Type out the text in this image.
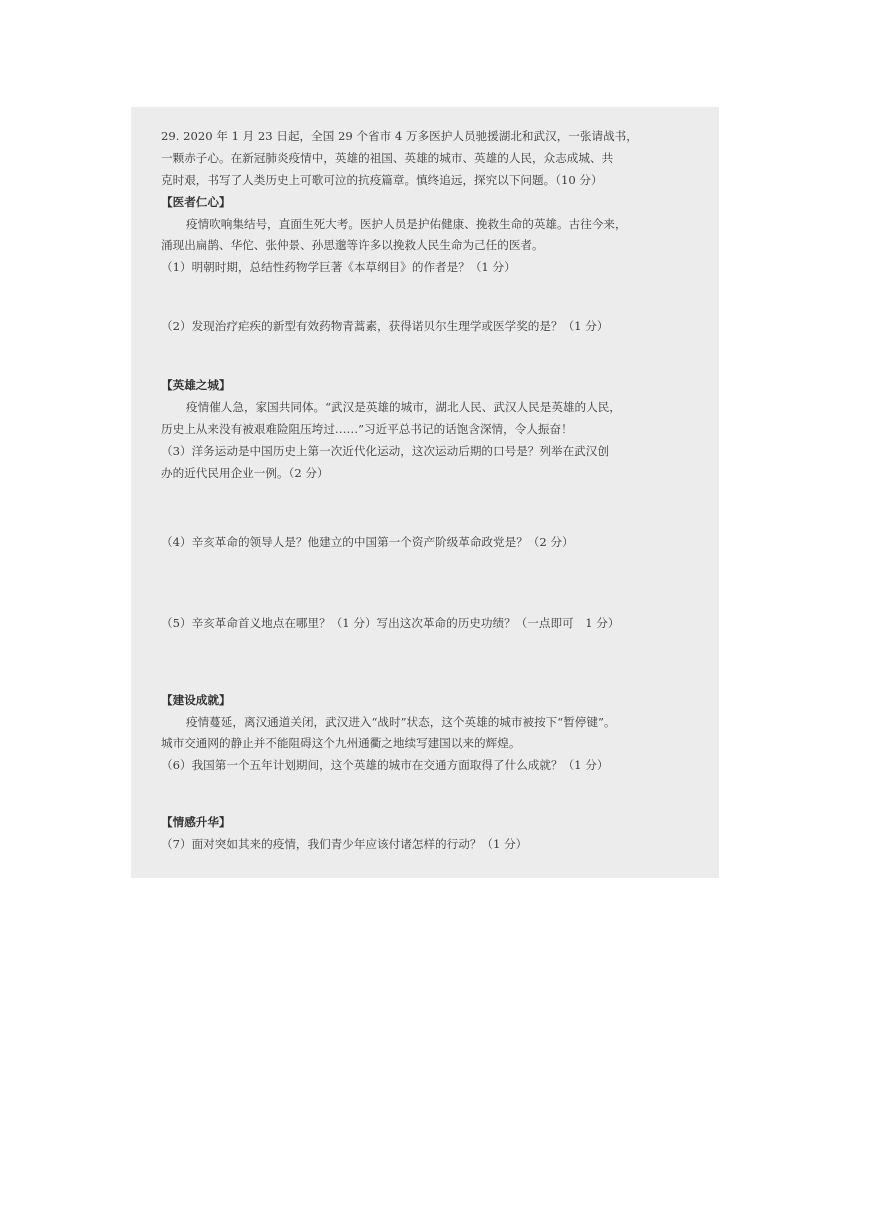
29. 2020 年 1 月 23 日起，全国 29 个省市 4 万多医护人员驰援湖北和武汉，一张请战书，
一颗赤子心。在新冠肺炎疫情中，英雄的祖国、英雄的城市、英雄的人民，众志成城、共
克时艰，书写了人类历史上可歌可泣的抗疫篇章。慎终追远，探究以下问题。（10 分）
【医者仁心】
疫情吹响集结号，直面生死大考。医护人员是护佑健康、挽救生命的英雄。古往今来，
涌现出扁鹊、华佗、张仲景、孙思邈等许多以挽救人民生命为己任的医者。
（1）明朝时期，总结性药物学巨著《本草纲目》的作者是？（1 分）
（2）发现治疗疟疾的新型有效药物青蒿素，获得诺贝尔生理学或医学奖的是？（1 分）
【英雄之城】
疫情催人急，家国共同体。“武汉是英雄的城市，湖北人民、武汉人民是英雄的人民，
历史上从来没有被艰难险阻压垮过……”习近平总书记的话饱含深情，令人振奋！
（3）洋务运动是中国历史上第一次近代化运动，这次运动后期的口号是？列举在武汉创
办的近代民用企业一例。（2 分）
（4）辛亥革命的领导人是？他建立的中国第一个资产阶级革命政党是？（2 分）
（5）辛亥革命首义地点在哪里？（1 分）写出这次革命的历史功绩？（一点即可　1 分）
【建设成就】
疫情蔓延，离汉通道关闭，武汉进入“战时”状态，这个英雄的城市被按下“暂停键”。
城市交通网的静止并不能阻碍这个九州通衢之地续写建国以来的辉煌。
（6）我国第一个五年计划期间，这个英雄的城市在交通方面取得了什么成就？（1 分）
【情感升华】
（7）面对突如其来的疫情，我们青少年应该付诸怎样的行动？（1 分）
